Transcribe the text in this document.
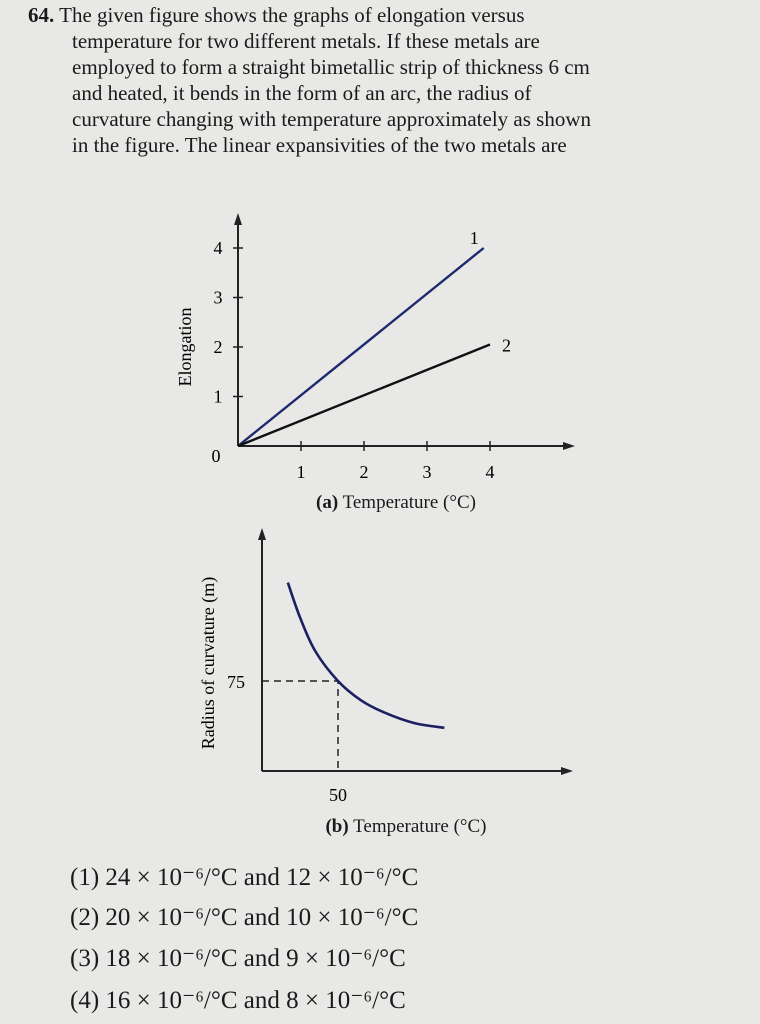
64. The given figure shows the graphs of elongation versus
temperature for two different metals. If these metals are
employed to form a straight bimetallic strip of thickness 6 cm
and heated, it bends in the form of an arc, the radius of
curvature changing with temperature approximately as shown
in the figure. The linear expansivities of the two metals are
1	2	3	4
1
2
3
4
0
Elongation
1
2
(a) Temperature (°C)
50
75
Radius of curvature (m)
(b) Temperature (°C)
(1) 24 × 10⁻⁶/°C and 12 × 10⁻⁶/°C
(2) 20 × 10⁻⁶/°C and 10 × 10⁻⁶/°C
(3) 18 × 10⁻⁶/°C and 9 × 10⁻⁶/°C
(4) 16 × 10⁻⁶/°C and 8 × 10⁻⁶/°C
